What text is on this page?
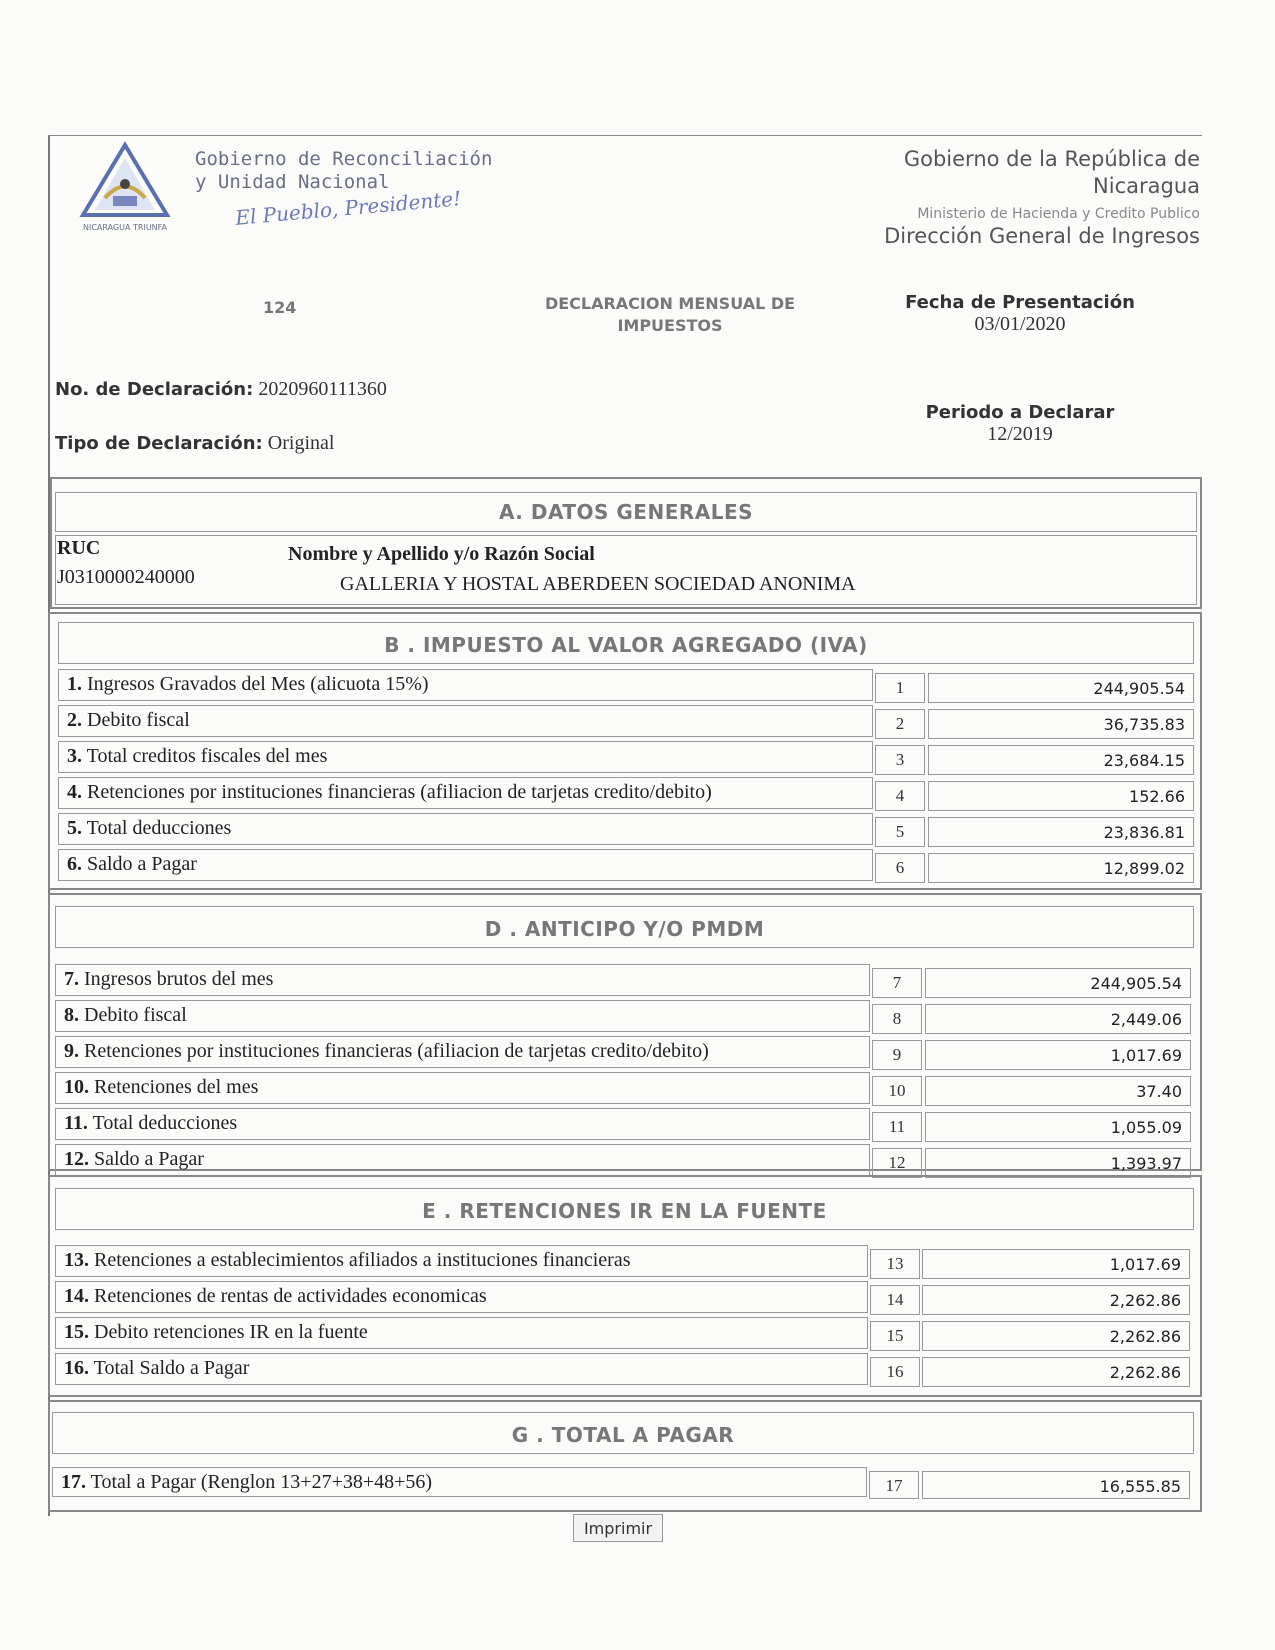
NICARAGUA TRIUNFA
Gobierno de Reconciliación
y Unidad Nacional
El Pueblo, Presidente!
Gobierno de la República de
Nicaragua
Ministerio de Hacienda y Credito Publico
Dirección General de Ingresos
124	DECLARACION MENSUAL DE
IMPUESTOS
Fecha de Presentación
03/01/2020
No. de Declaración: 2020960111360
Tipo de Declaración: Original
Periodo a Declarar
12/2019
A. DATOS GENERALES
RUC
J0310000240000
Nombre y Apellido y/o Razón Social
GALLERIA Y HOSTAL ABERDEEN SOCIEDAD ANONIMA
B . IMPUESTO AL VALOR AGREGADO (IVA)
1. Ingresos Gravados del Mes (alicuota 15%)	1	244,905.54
2. Debito fiscal	2	36,735.83
3. Total creditos fiscales del mes	3	23,684.15
4. Retenciones por instituciones financieras (afiliacion de tarjetas credito/debito)	4	152.66
5. Total deducciones	5	23,836.81
6. Saldo a Pagar	6	12,899.02
D . ANTICIPO Y/O PMDM
7. Ingresos brutos del mes	7	244,905.54
8. Debito fiscal	8	2,449.06
9. Retenciones por instituciones financieras (afiliacion de tarjetas credito/debito)	9	1,017.69
10. Retenciones del mes	10	37.40
11. Total deducciones	11	1,055.09
12. Saldo a Pagar	12	1,393.97
E . RETENCIONES IR EN LA FUENTE
13. Retenciones a establecimientos afiliados a instituciones financieras	13	1,017.69
14. Retenciones de rentas de actividades economicas	14	2,262.86
15. Debito retenciones IR en la fuente	15	2,262.86
16. Total Saldo a Pagar	16	2,262.86
G . TOTAL A PAGAR
17. Total a Pagar (Renglon 13+27+38+48+56)	17	16,555.85
Imprimir
